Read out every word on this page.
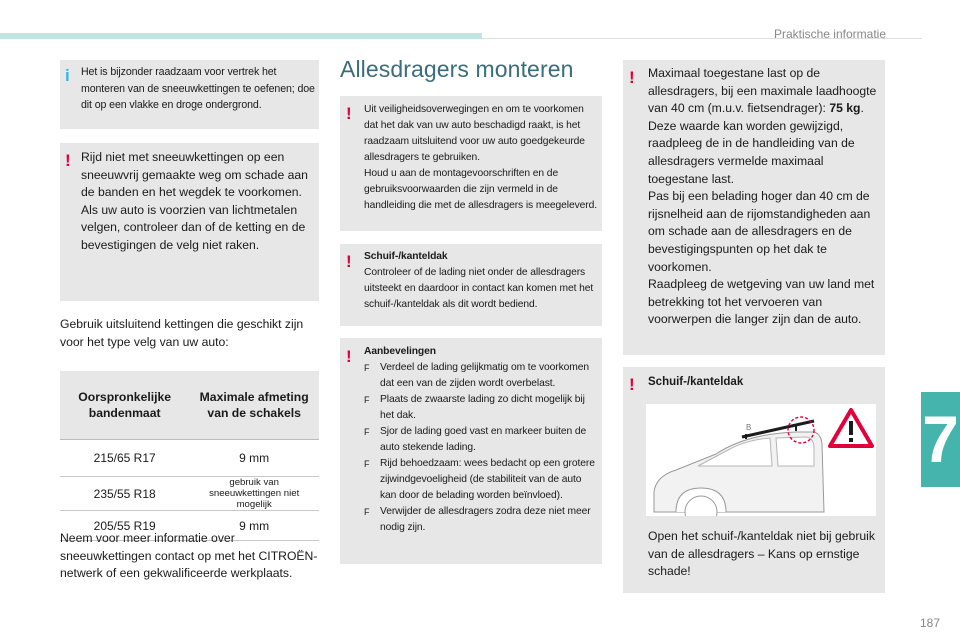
Praktische informatie
7
187
i Het is bijzonder raadzaam voor vertrek het monteren van de sneeuwkettingen te oefenen; doe dit op een vlakke en droge ondergrond.
! Rijd niet met sneeuwkettingen op een sneeuwvrij gemaakte weg om schade aan de banden en het wegdek te voorkomen. Als uw auto is voorzien van lichtmetalen velgen, controleer dan of de ketting en de bevestigingen de velg niet raken.
Gebruik uitsluitend kettingen die geschikt zijn voor het type velg van uw auto:
Oorspronkelijke bandenmaat	Maximale afmeting van de schakels
215/65 R17	9 mm
235/55 R18	gebruik van sneeuwkettingen niet mogelijk
205/55 R19	9 mm
Neem voor meer informatie over sneeuwkettingen contact op met het CITROËN-netwerk of een gekwalificeerde werkplaats.
Allesdragers monteren
! Uit veiligheidsoverwegingen en om te voorkomen dat het dak van uw auto beschadigd raakt, is het raadzaam uitsluitend voor uw auto goedgekeurde allesdragers te gebruiken.
Houd u aan de montagevoorschriften en de gebruiksvoorwaarden die zijn vermeld in de handleiding die met de allesdragers is meegeleverd.
! Schuif-/kanteldak
Controleer of de lading niet onder de allesdragers uitsteekt en daardoor in contact kan komen met het schuif-/kanteldak als dit wordt bediend.
! Aanbevelingen
F Verdeel de lading gelijkmatig om te voorkomen dat een van de zijden wordt overbelast.
F Plaats de zwaarste lading zo dicht mogelijk bij het dak.
F Sjor de lading goed vast en markeer buiten de auto stekende lading.
F Rijd behoedzaam: wees bedacht op een grotere zijwindgevoeligheid (de stabiliteit van de auto kan door de belading worden beïnvloed).
F Verwijder de allesdragers zodra deze niet meer nodig zijn.
! Maximaal toegestane last op de allesdragers, bij een maximale laadhoogte van 40 cm (m.u.v. fietsendrager): 75 kg. Deze waarde kan worden gewijzigd, raadpleeg de in de handleiding van de allesdragers vermelde maximaal toegestane last.
Pas bij een belading hoger dan 40 cm de rijsnelheid aan de rijomstandigheden aan om schade aan de allesdragers en de bevestigingspunten op het dak te voorkomen.
Raadpleeg de wetgeving van uw land met betrekking tot het vervoeren van voorwerpen die langer zijn dan de auto.
! Schuif-/kanteldak
B
Open het schuif-/kanteldak niet bij gebruik van de allesdragers – Kans op ernstige schade!
